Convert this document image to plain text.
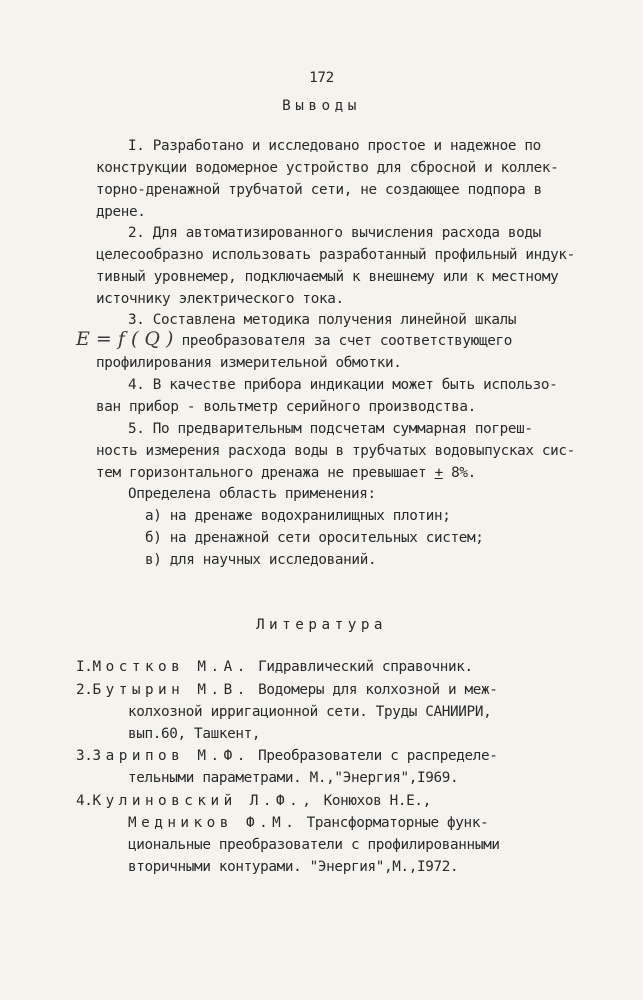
172
Выводы
I. Разработано и исследовано простое и надежное по
конструкции водомерное устройство для сбросной и коллек-
торно-дренажной трубчатой сети, не создающее подпора в
дрене.
2. Для автоматизированного вычисления расхода воды
целесообразно использовать разработанный профильный индук-
тивный уровнемер, подключаемый к внешнему или к местному
источнику электрического тока.
3. Составлена методика получения линейной шкалы
E = f ( Q ) преобразователя за счет соответствующего
профилирования измерительной обмотки.
4. В качестве прибора индикации может быть использо-
ван прибор - вольтметр серийного производства.
5. По предварительным подсчетам суммарная погреш-
ность измерения расхода воды в трубчатых водовыпусках сис-
тем горизонтального дренажа не превышает + 8%.
Определена область применения:
а) на дренаже водохранилищных плотин;
б) на дренажной сети оросительных систем;
в) для научных исследований.
Литература
I.Мостков М.А. Гидравлический справочник.
2.Бутырин М.В. Водомеры для колхозной и меж-
колхозной ирригационной сети. Труды САНИИРИ,
вып.60, Ташкент,
3.Зарипов М.Ф. Преобразователи с распределе-
тельными параметрами. М.,"Энергия",I969.
4.Кулиновский Л.Ф., Конюхов Н.Е.,
Медников Ф.М. Трансформаторные функ-
циональные преобразователи с профилированными
вторичными контурами. "Энергия",М.,I972.
